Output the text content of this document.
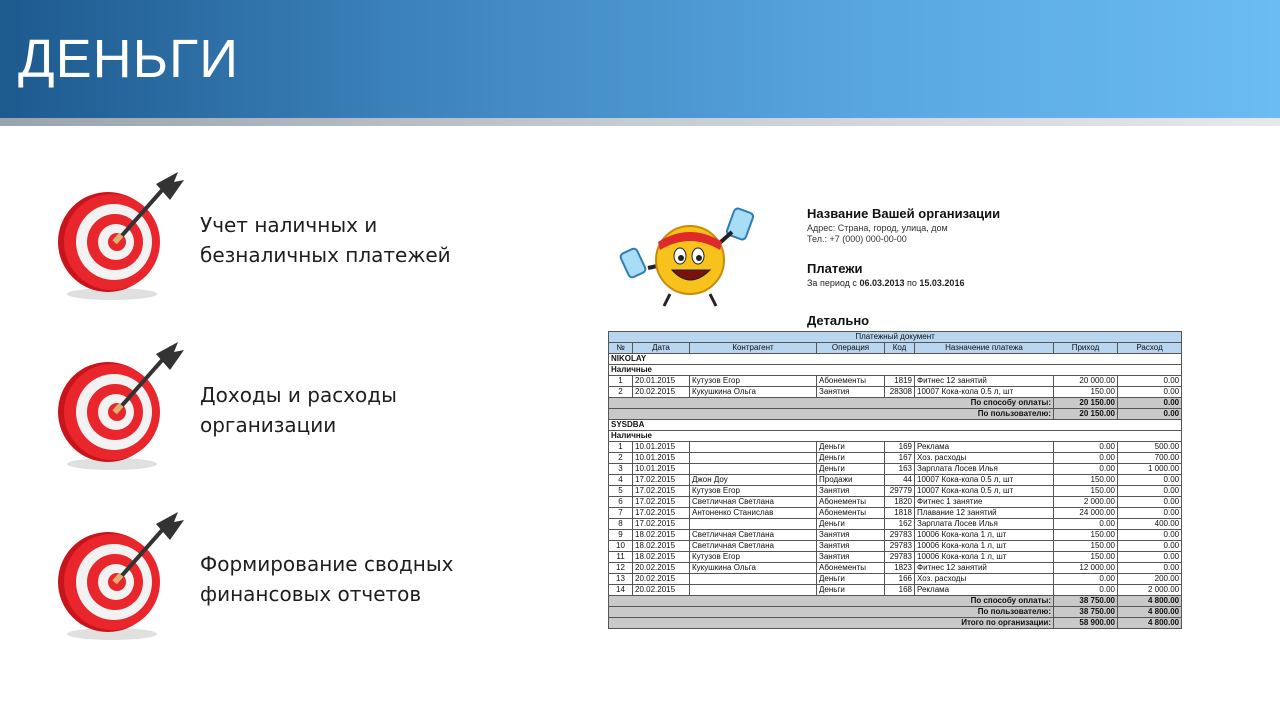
ДЕНЬГИ
Учет наличных и
безналичных платежей
Доходы и расходы
организации
Формирование сводных
финансовых отчетов
Название Вашей организации
Адрес: Страна, город, улица, дом
Тел.: +7 (000) 000-00-00
Платежи
За период с 06.03.2013 по 15.03.2016
Детально
Платежный документ							
№	Дата	Контрагент	Операция	Код	Назначение платежа	Приход	Расход
NIKOLAY							
Наличные							
1	20.01.2015	Кутузов Егор	Абонементы	1819	Фитнес 12 занятий	20 000.00	0.00
2	20.02.2015	Кукушкина Ольга	Занятия	28308	10007 Кока-кола 0.5 л, шт	150.00	0.00
По способу оплаты:						20 150.00	0.00
По пользователю:						20 150.00	0.00
SYSDBA							
Наличные							
1	10.01.2015		Деньги	169	Реклама	0.00	500.00
2	10.01.2015		Деньги	167	Хоз. расходы	0.00	700.00
3	10.01.2015		Деньги	163	Зарплата Лосев Илья	0.00	1 000.00
4	17.02.2015	Джон Доу	Продажи	44	10007 Кока-кола 0.5 л, шт	150.00	0.00
5	17.02.2015	Кутузов Егор	Занятия	29779	10007 Кока-кола 0.5 л, шт	150.00	0.00
6	17.02.2015	Светличная Светлана	Абонементы	1820	Фитнес 1 занятие	2 000.00	0.00
7	17.02.2015	Антоненко Станислав	Абонементы	1818	Плавание 12 занятий	24 000.00	0.00
8	17.02.2015		Деньги	162	Зарплата Лосев Илья	0.00	400.00
9	18.02.2015	Светличная Светлана	Занятия	29783	10006 Кока-кола 1 л, шт	150.00	0.00
10	18.02.2015	Светличная Светлана	Занятия	29783	10006 Кока-кола 1 л, шт	150.00	0.00
11	18.02.2015	Кутузов Егор	Занятия	29783	10006 Кока-кола 1 л, шт	150.00	0.00
12	20.02.2015	Кукушкина Ольга	Абонементы	1823	Фитнес 12 занятий	12 000.00	0.00
13	20.02.2015		Деньги	166	Хоз. расходы	0.00	200.00
14	20.02.2015		Деньги	168	Реклама	0.00	2 000.00
По способу оплаты:						38 750.00	4 800.00
По пользователю:						38 750.00	4 800.00
Итого по организации:						58 900.00	4 800.00
